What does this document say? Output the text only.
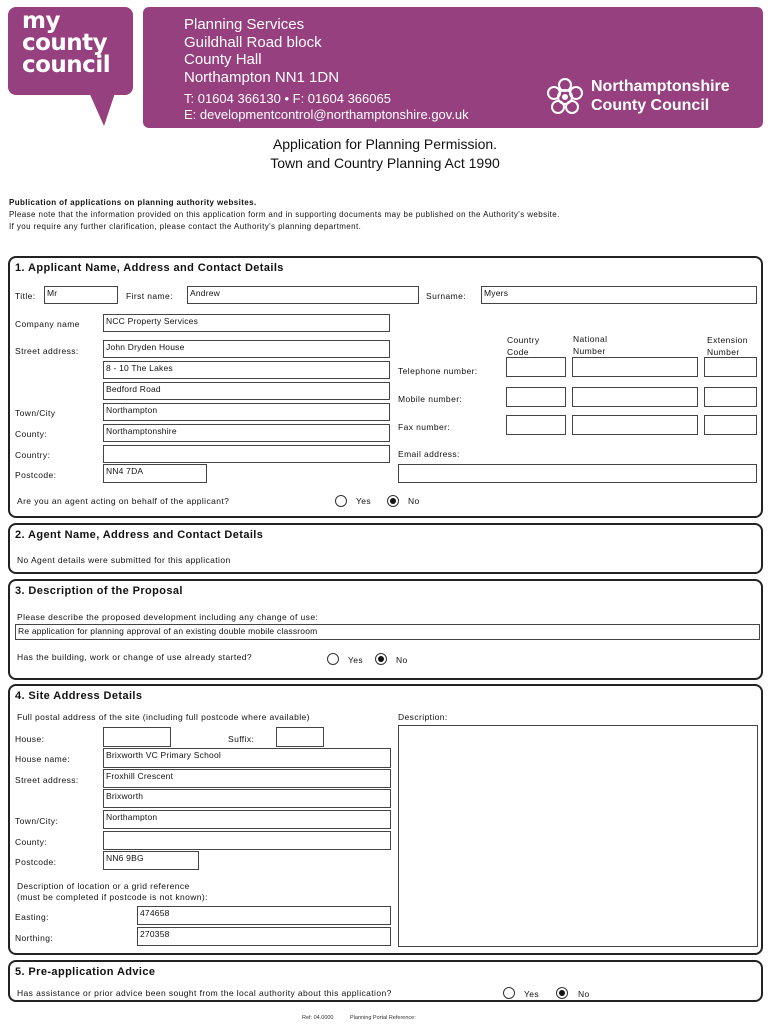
my
county
council
Planning Services
Guildhall Road block
County Hall
Northampton NN1 1DN
T: 01604 366130 • F: 01604 366065
E: developmentcontrol@northamptonshire.gov.uk
Northamptonshire
County Council
Application for Planning Permission.
Town and Country Planning Act 1990
Publication of applications on planning authority websites.
Please note that the information provided on this application form and in supporting documents may be published on the Authority's website.
If you require any further clarification, please contact the Authority's planning department.
1. Applicant Name, Address and Contact Details
Title:	Mr	First name:	Andrew	Surname:	Myers
Company name	NCC Property Services
Street address:	John Dryden House
8 - 10 The Lakes
Bedford Road
Town/City	Northampton
County:	Northamptonshire
Country:
Postcode:	NN4 7DA
Country
Code
National
Number
Extension
Number
Telephone number:
Mobile number:
Fax number:
Email address:
Are you an agent acting on behalf of the applicant?	Yes	No
2. Agent Name, Address and Contact Details
No Agent details were submitted for this application
3. Description of the Proposal
Please describe the proposed development including any change of use:
Re application for planning approval of an existing double mobile classroom
Has the building, work or change of use already started?	Yes	No
4. Site Address Details
Full postal address of the site (including full postcode where available)	Description:
House:	Suffix:
House name:	Brixworth VC Primary School
Street address:	Froxhill Crescent
Brixworth
Town/City:	Northampton
County:
Postcode:	NN6 9BG
Description of location or a grid reference
(must be completed if postcode is not known):
Easting:	474658
Northing:	270358
5. Pre-application Advice
Has assistance or prior advice been sought from the local authority about this application?	Yes	No
Ref: 04.0000	Planning Portal Reference:
